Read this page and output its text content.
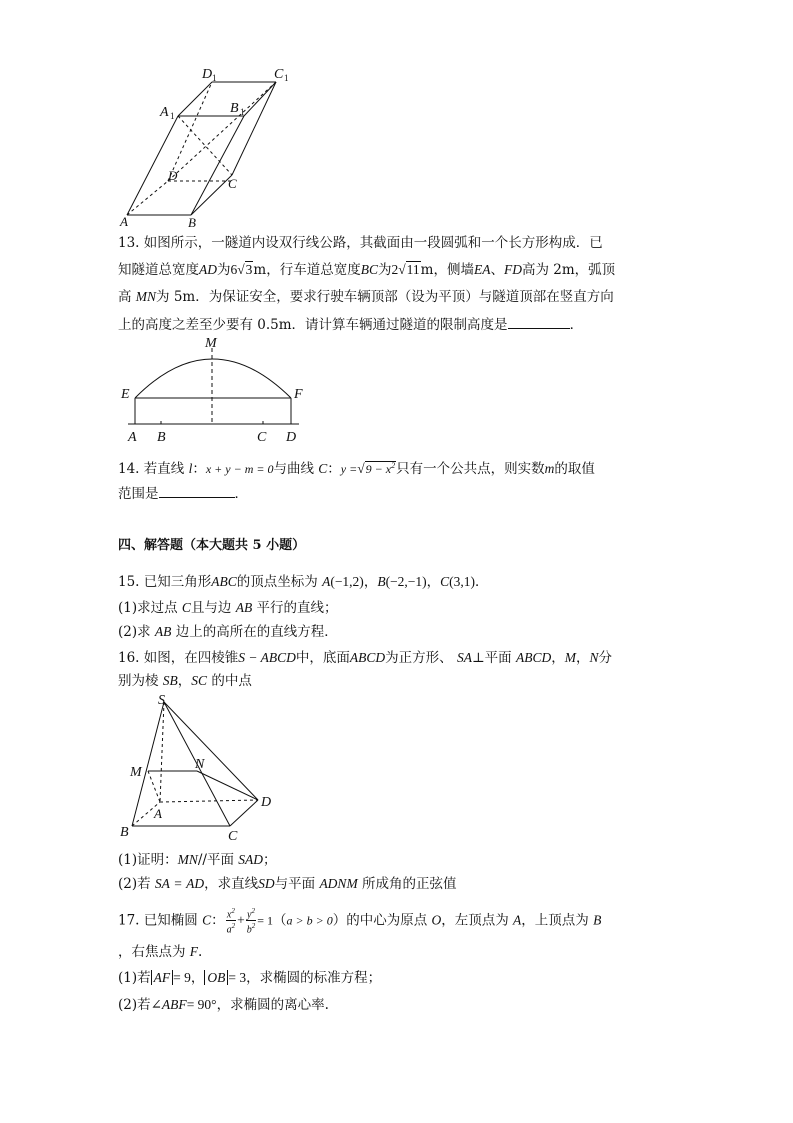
D 1	C 1
A 1	B 1
D
C
A	B
13. 如图所示，一隧道内设双行线公路，其截面由一段圆弧和一个长方形构成．已
知隧道总宽度AD为6√3m，行车道总宽度BC为2√11m，侧墙EA、FD高为 2m，弧顶
高 MN为 5m．为保证安全，要求行驶车辆顶部（设为平顶）与隧道顶部在竖直方向
上的高度之差至少要有 0.5m．请计算车辆通过隧道的限制高度是	．
M
E	F
A B	C D
14. 若直线 l：x + y − m = 0与曲线 C：$y =√9 - x^2$只有一个公共点，则实数m的取值
范围是	．
四、解答题（本大题共 5 小题）
15. 已知三角形ABC的顶点坐标为 A(−1,2)，B(−2,−1)，C(3,1)．
(1)求过点 C且与边 AB 平行的直线；
(2)求 AB 边上的高所在的直线方程．
16. 如图，在四棱锥S − ABCD中，底面ABCD为正方形、 SA⊥平面 ABCD，M，N分
别为棱 SB，SC 的中点
S
M
N
A
B	C
D
(1)证明：MN//平面 SAD；
(2)若 SA = AD，求直线SD与平面 ADNM 所成角的正弦值
17. 已知椭圆 C： $\frac{x^2}{a^2} + \frac{y^2}{b^2} = 1(a > b > 0)$的中心为原点 O，左顶点为 A，上顶点为 B
，右焦点为 F.
(1)若 AF = 9， OB = 3，求椭圆的标准方程；
(2)若∠ABF= 90°，求椭圆的离心率.
